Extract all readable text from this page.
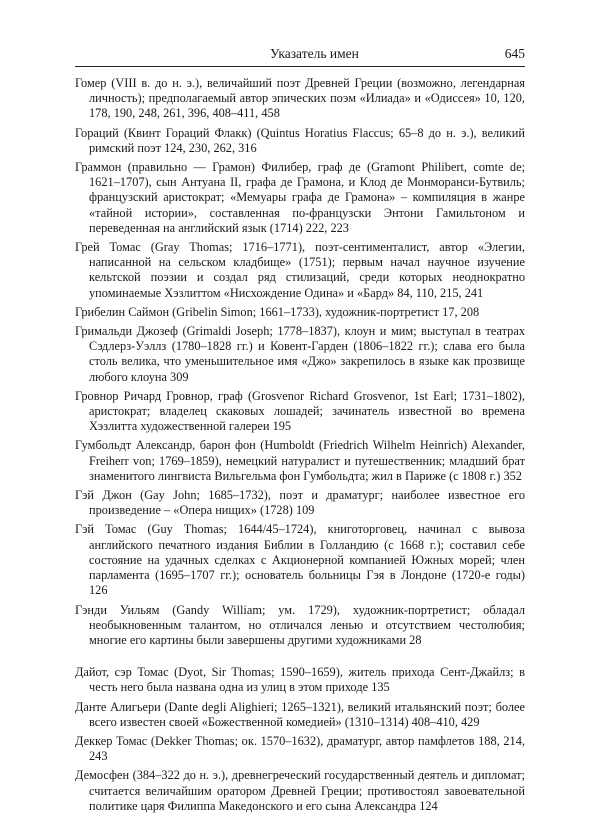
Указатель имен	645

Гомер (VIII в. до н. э.), величайший поэт Древней Греции (возможно, легендарная личность); предполагаемый автор эпических поэм «Илиада» и «Одиссея» 10, 120, 178, 190, 248, 261, 396, 408–411, 458

Гораций (Квинт Гораций Флакк) (Quintus Horatius Flaccus; 65–8 до н. э.), великий римский поэт 124, 230, 262, 316

Граммон (правильно — Грамон) Филибер, граф де (Gramont Philibert, comte de; 1621–1707), сын Антуана II, графа де Грамона, и Клод де Монморанси-Бутвиль; французский аристократ; «Мемуары графа де Грамона» – компиляция в жанре «тайной истории», составленная по-французски Энтони Гамильтоном и переведенная на английский язык (1714) 222, 223

Грей Томас (Gray Thomas; 1716–1771), поэт-сентименталист, автор «Элегии, написанной на сельском кладбище» (1751); первым начал научное изучение кельтской поэзии и создал ряд стилизаций, среди которых неоднократно упоминаемые Хэзлиттом «Нисхождение Одина» и «Бард» 84, 110, 215, 241

Грибелин Саймон (Gribelin Simon; 1661–1733), художник-портретист 17, 208

Гримальди Джозеф (Grimaldi Joseph; 1778–1837), клоун и мим; выступал в театрах Сэдлерз-Уэллз (1780–1828 гг.) и Ковент-Гарден (1806–1822 гг.); слава его была столь велика, что уменьшительное имя «Джо» закрепилось в языке как прозвище любого клоуна 309

Гровнор Ричард Гровнор, граф (Grosvenor Richard Grosvenor, 1st Earl; 1731–1802), аристократ; владелец скаковых лошадей; зачинатель известной во времена Хэзлитта художественной галереи 195

Гумбольдт Александр, барон фон (Humboldt (Friedrich Wilhelm Heinrich) Alexander, Freiherr von; 1769–1859), немецкий натуралист и путешественник; младший брат знаменитого лингвиста Вильгельма фон Гумбольдта; жил в Париже (с 1808 г.) 352

Гэй Джон (Gay John; 1685–1732), поэт и драматург; наиболее известное его произведение – «Опера нищих» (1728) 109

Гэй Томас (Guy Thomas; 1644/45–1724), книготорговец, начинал с вывоза английского печатного издания Библии в Голландию (с 1668 г.); составил себе состояние на удачных сделках с Акционерной компанией Южных морей; член парламента (1695–1707 гг.); основатель больницы Гэя в Лондоне (1720-е годы) 126

Гэнди Уильям (Gandy William; ум. 1729), художник-портретист; обладал необыкновенным талантом, но отличался ленью и отсутствием честолюбия; многие его картины были завершены другими художниками 28

Дайот, сэр Томас (Dyot, Sir Thomas; 1590–1659), житель прихода Сент-Джайлз; в честь него была названа одна из улиц в этом приходе 135

Данте Алигьери (Dante degli Alighieri; 1265–1321), великий итальянский поэт; более всего известен своей «Божественной комедией» (1310–1314) 408–410, 429

Деккер Томас (Dekker Thomas; ок. 1570–1632), драматург, автор памфлетов 188, 214, 243

Демосфен (384–322 до н. э.), древнегреческий государственный деятель и дипломат; считается величайшим оратором Древней Греции; противостоял завоевательной политике царя Филиппа Македонского и его сына Александра 124
